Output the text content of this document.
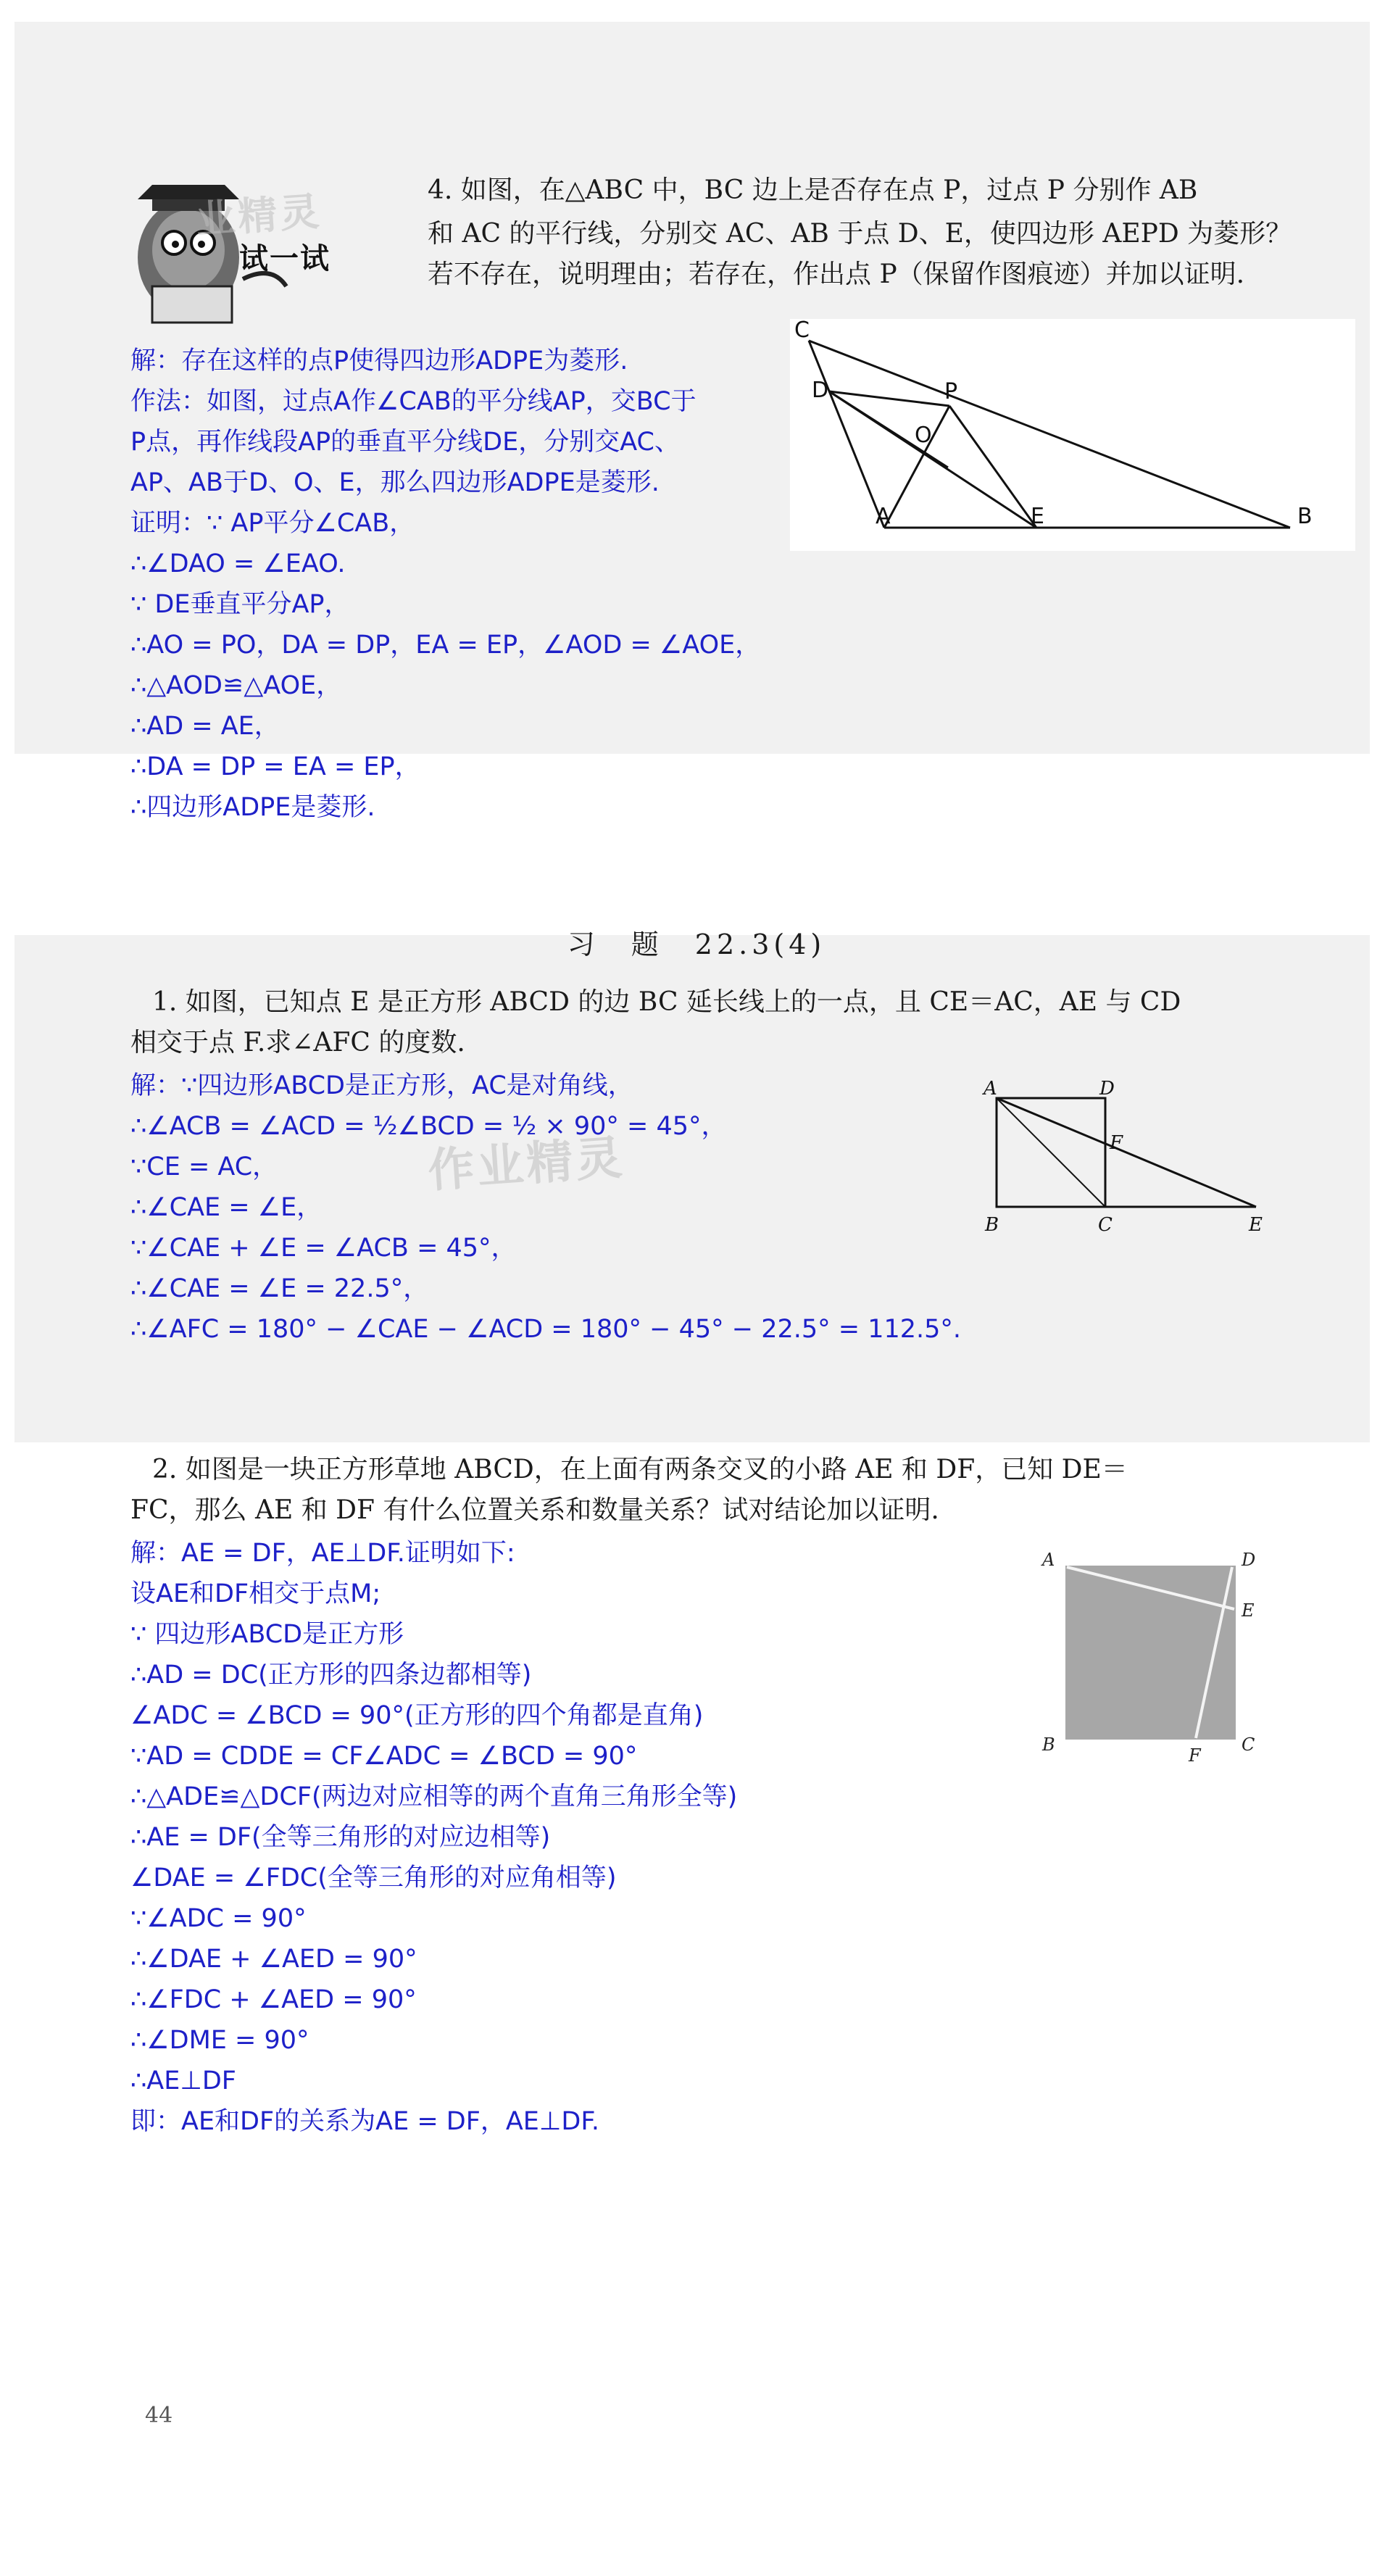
业精灵
试一试
4. 如图，在△ABC 中，BC 边上是否存在点 P，过点 P 分别作 AB
和 AC 的平行线，分别交 AC、AB 于点 D、E，使四边形 AEPD 为菱形？
若不存在，说明理由；若存在，作出点 P（保留作图痕迹）并加以证明.
解：存在这样的点P使得四边形ADPE为菱形.
作法：如图，过点A作∠CAB的平分线AP，交BC于
P点，再作线段AP的垂直平分线DE，分别交AC、
AP、AB于D、O、E，那么四边形ADPE是菱形.
证明：∵ AP平分∠CAB，
∴∠DAO = ∠EAO.
∵ DE垂直平分AP，
∴AO = PO，DA = DP，EA = EP，∠AOD = ∠AOE，
∴△AOD≌△AOE，
∴AD = AE，
∴DA = DP = EA = EP，
∴四边形ADPE是菱形.
C
D	P
O
A	E	B
习　题　22.3(4)
1. 如图，已知点 E 是正方形 ABCD 的边 BC 延长线上的一点，且 CE＝AC，AE 与 CD
相交于点 F.求∠AFC 的度数.
作业精灵
解：∵四边形ABCD是正方形，AC是对角线，
∴∠ACB = ∠ACD = ½∠BCD = ½ × 90° = 45°，
∵CE = AC，
∴∠CAE = ∠E，
∵∠CAE + ∠E = ∠ACB = 45°，
∴∠CAE = ∠E = 22.5°，
∴∠AFC = 180° − ∠CAE − ∠ACD = 180° − 45° − 22.5° = 112.5°.
A	D
F
B	C	E
2. 如图是一块正方形草地 ABCD，在上面有两条交叉的小路 AE 和 DF，已知 DE＝
FC，那么 AE 和 DF 有什么位置关系和数量关系？试对结论加以证明.
解：AE = DF，AE⊥DF.证明如下:
设AE和DF相交于点M;
∵ 四边形ABCD是正方形
∴AD = DC(正方形的四条边都相等)
∠ADC = ∠BCD = 90°(正方形的四个角都是直角)
∵AD = CDDE = CF∠ADC = ∠BCD = 90°
∴△ADE≌△DCF(两边对应相等的两个直角三角形全等)
∴AE = DF(全等三角形的对应边相等)
∠DAE = ∠FDC(全等三角形的对应角相等)
∵∠ADC = 90°
∴∠DAE + ∠AED = 90°
∴∠FDC + ∠AED = 90°
∴∠DME = 90°
∴AE⊥DF
即：AE和DF的关系为AE = DF，AE⊥DF.
A	D
E
B
F
C
44
